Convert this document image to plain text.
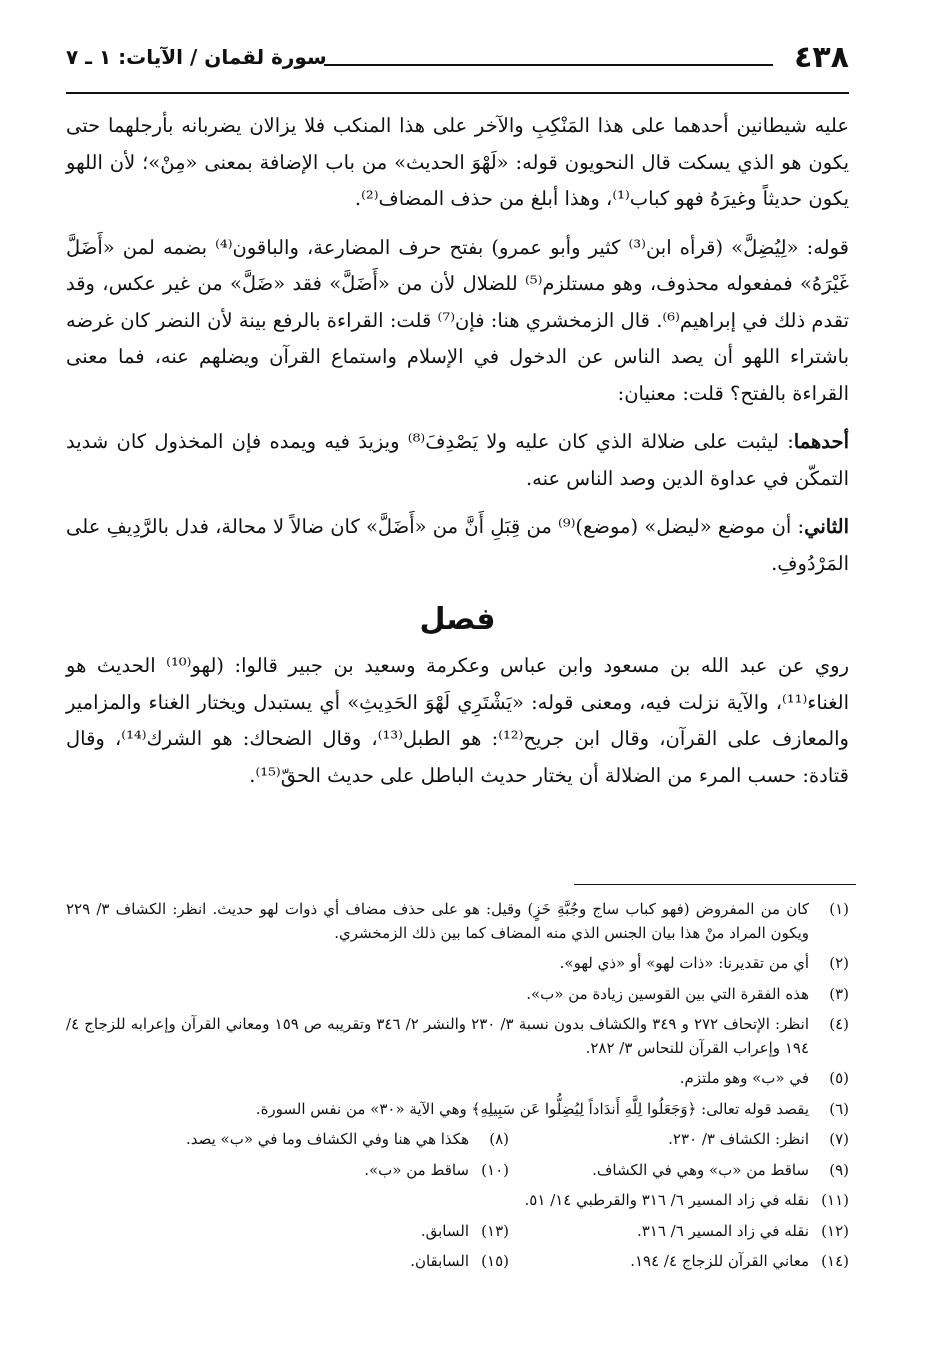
٤٣٨
سورة لقمان / الآيات: ١ ـ ٧

عليه شيطانين أحدهما على هذا المَنْكِبِ والآخر على هذا المنكب فلا يزالان يضربانه بأرجلهما حتى يكون هو الذي يسكت قال النحويون قوله: «لَهْوَ الحديث» من باب الإضافة بمعنى «مِنْ»؛ لأن اللهو يكون حديثاً وغيرَهُ فهو كباب⁽¹⁾، وهذا أبلغ من حذف المضاف⁽²⁾.

قوله: «لِيُضِلَّ» (قرأه ابن⁽³⁾ كثير وأبو عمرو) بفتح حرف المضارعة، والباقون⁽⁴⁾ بضمه لمن «أَضَلَّ غَيْرَهُ» فمفعوله محذوف، وهو مستلزم⁽⁵⁾ للضلال لأن من «أَضَلَّ» فقد «ضَلَّ» من غير عكس، وقد تقدم ذلك في إبراهيم⁽⁶⁾. قال الزمخشري هنا: فإن⁽⁷⁾ قلت: القراءة بالرفع بينة لأن النضر كان غرضه باشتراء اللهو أن يصد الناس عن الدخول في الإسلام واستماع القرآن ويضلهم عنه، فما معنى القراءة بالفتح؟ قلت: معنيان:

أحدهما: ليثبت على ضلالة الذي كان عليه ولا يَصْدِفَ⁽⁸⁾ ويزيدَ فيه ويمده فإن المخذول كان شديد التمكّن في عداوة الدين وصد الناس عنه.

الثاني: أن موضع «ليضل» (موضع)⁽⁹⁾ من قِبَلِ أَنَّ من «أَضَلَّ» كان ضالاً لا محالة، فدل بالرَّدِيفِ على المَرْدُوفِ.

فصل

روي عن عبد الله بن مسعود وابن عباس وعكرمة وسعيد بن جبير قالوا: (لهو⁽¹⁰⁾ الحديث هو الغناء⁽¹¹⁾، والآية نزلت فيه، ومعنى قوله: «يَشْتَرِي لَهْوَ الحَدِيثِ» أي يستبدل ويختار الغناء والمزامير والمعازف على القرآن، وقال ابن جريح⁽¹²⁾: هو الطبل⁽¹³⁾، وقال الضحاك: هو الشرك⁽¹⁴⁾، وقال قتادة: حسب المرء من الضلالة أن يختار حديث الباطل على حديث الحقّ⁽¹⁵⁾.

(١)كان من المفروض (فهو كباب ساج وجُبَّةِ خَزٍ) وقيل: هو على حذف مضاف أي ذوات لهو حديث. انظر: الكشاف ٣/ ٢٢٩ ويكون المراد منْ هذا بيان الجنس الذي منه المضاف كما بين ذلك الزمخشري.
(٢)أي من تقديرنا: «ذات لهو» أو «ذي لهو».
(٣)هذه الفقرة التي بين القوسين زيادة من «ب».
(٤)انظر: الإتحاف ٢٧٢ و ٣٤٩ والكشاف بدون نسبة ٣/ ٢٣٠ والنشر ٢/ ٣٤٦ وتقريبه ص ١٥٩ ومعاني القرآن وإعرابه للزجاج ٤/ ١٩٤ وإعراب القرآن للنحاس ٣/ ٢٨٢.
(٥)في «ب» وهو ملتزم.
(٦)يقصد قوله تعالى: ﴿وَجَعَلُوا لِلَّهِ أَندَاداً لِيُضِلُّوا عَن سَبِيلِهِ﴾ وهي الآية «٣٠» من نفس السورة.
(٧)انظر: الكشاف ٣/ ٢٣٠.
(٨)هكذا هي هنا وفي الكشاف وما في «ب» يصد.
(٩)ساقط من «ب» وهي في الكشاف.
(١٠)ساقط من «ب».
(١١)نقله في زاد المسير ٦/ ٣١٦ والقرطبي ١٤/ ٥١.
(١٢)نقله في زاد المسير ٦/ ٣١٦.
(١٣)السابق.
(١٤)معاني القرآن للزجاج ٤/ ١٩٤.
(١٥)السابقان.
